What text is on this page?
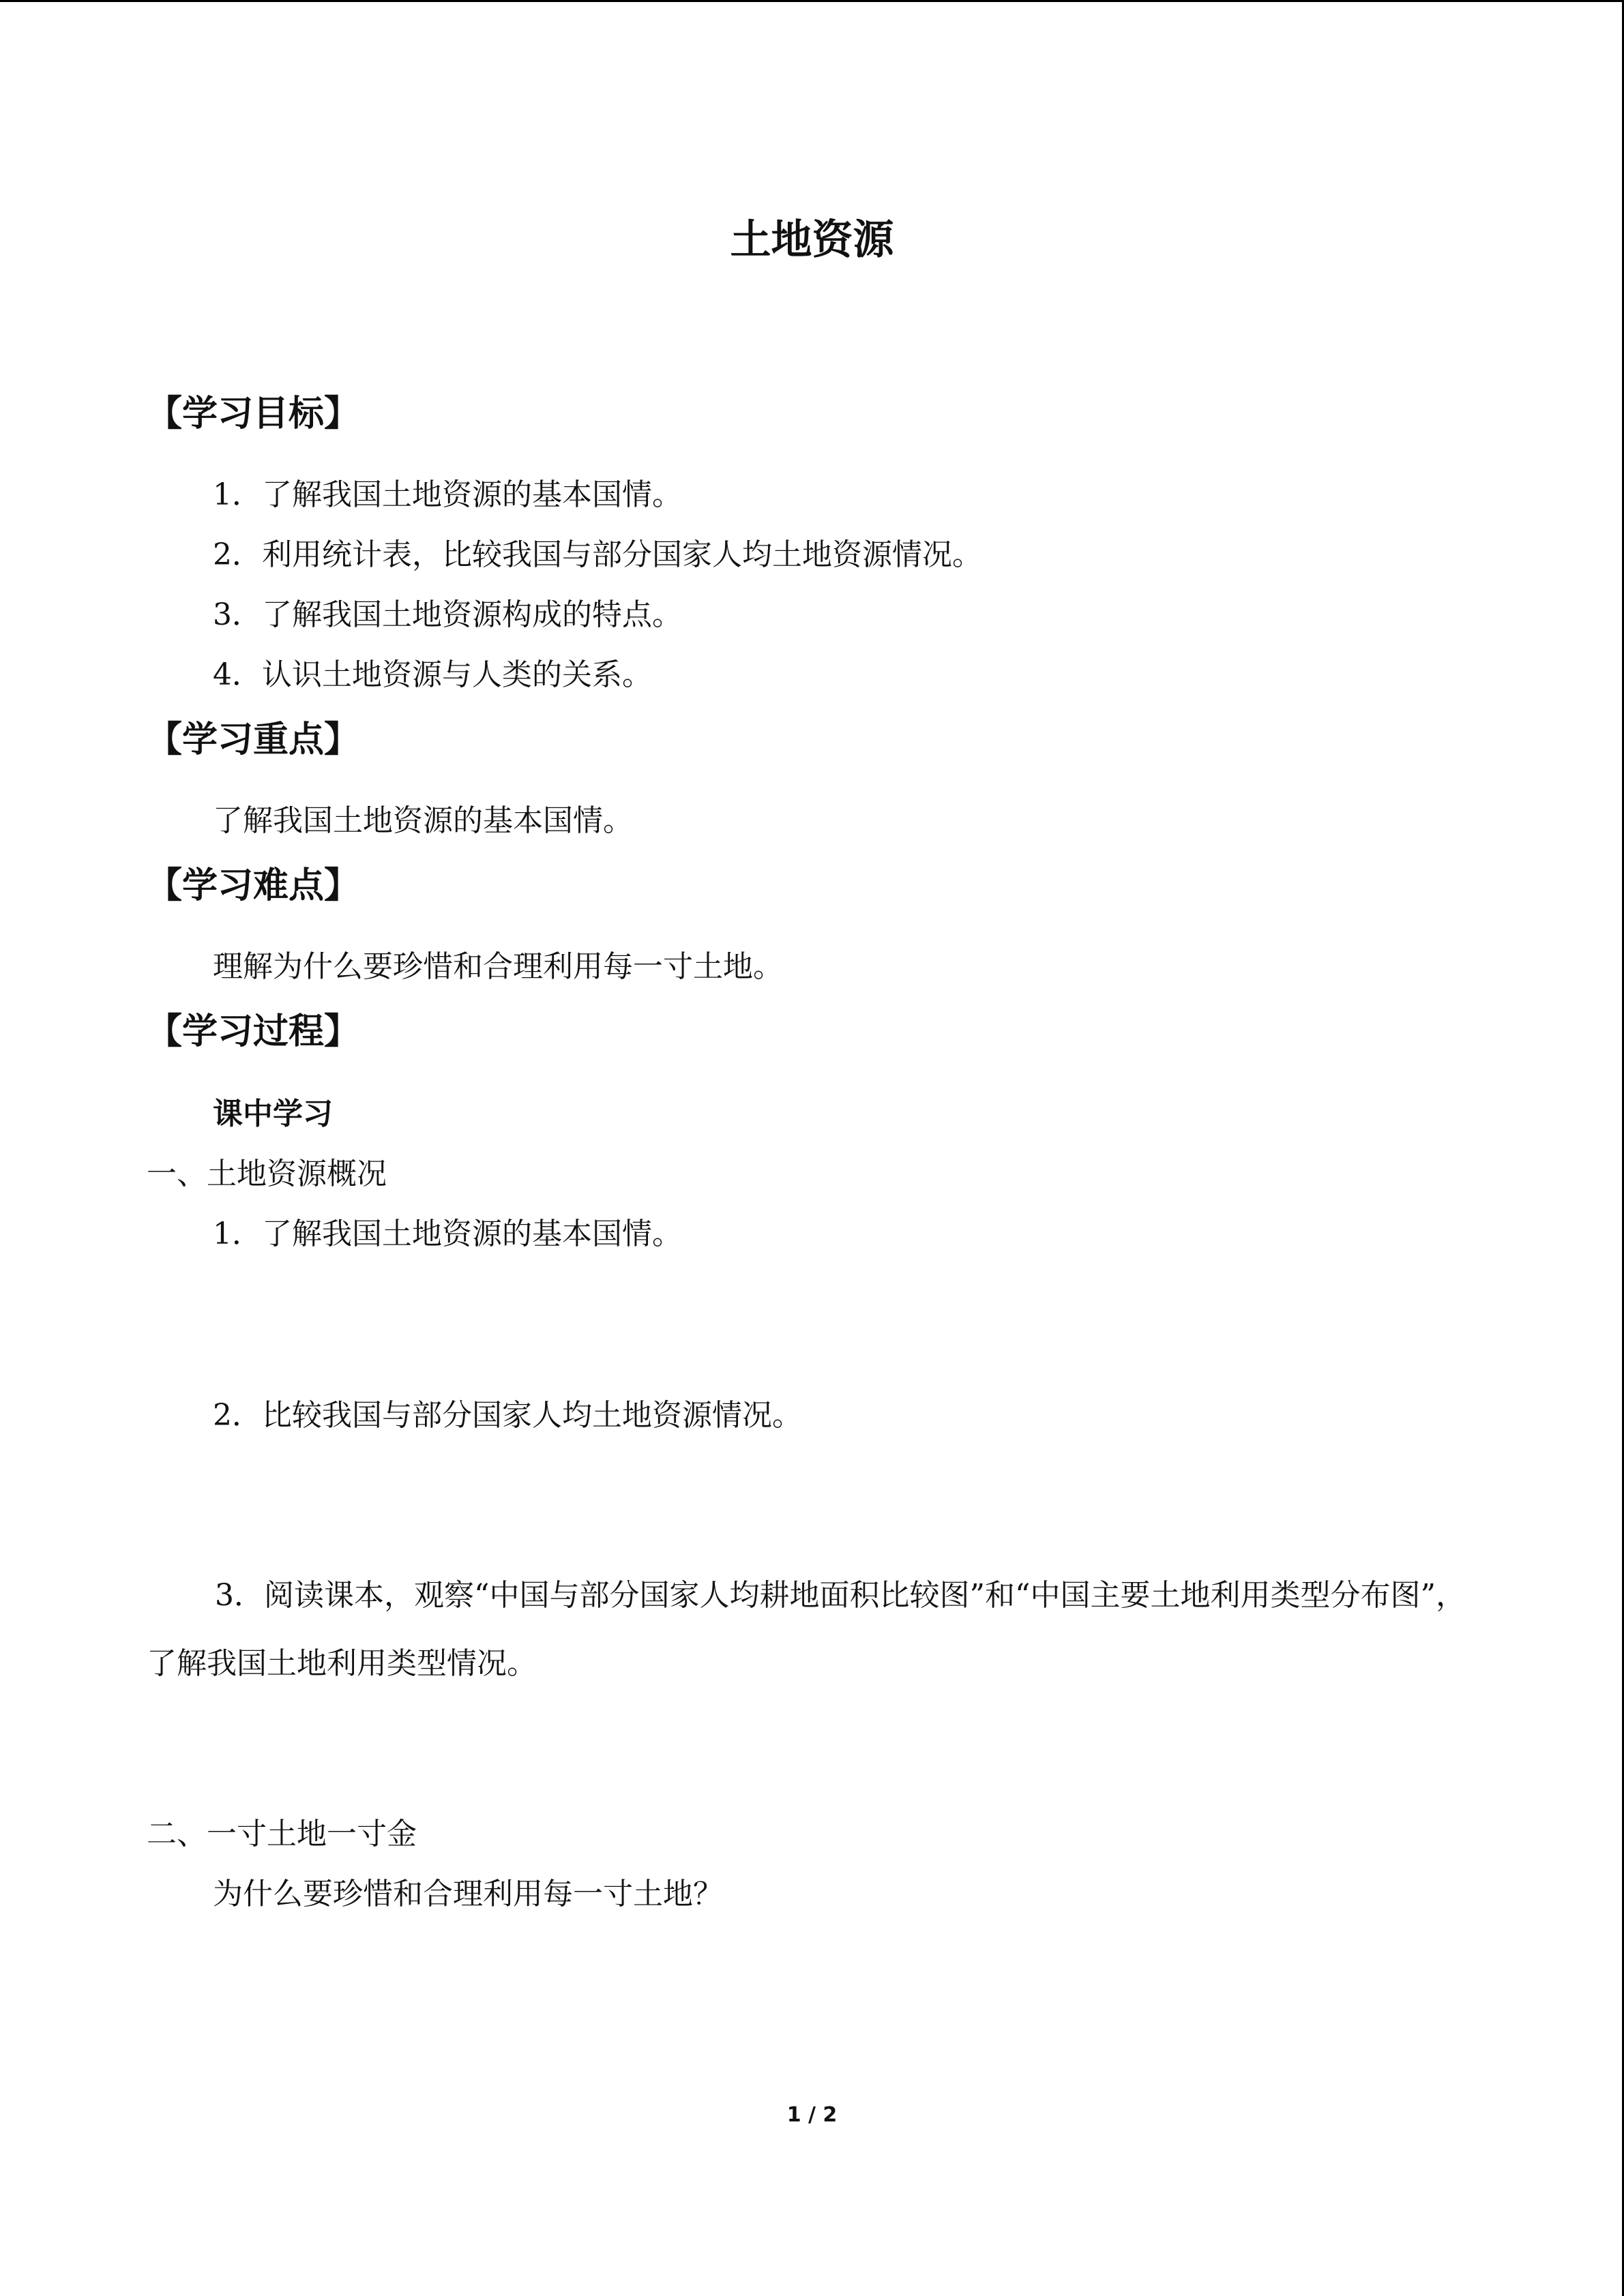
土地资源
【学习目标】
1．了解我国土地资源的基本国情。
2．利用统计表，比较我国与部分国家人均土地资源情况。
3．了解我国土地资源构成的特点。
4．认识土地资源与人类的关系。
【学习重点】
了解我国土地资源的基本国情。
【学习难点】
理解为什么要珍惜和合理利用每一寸土地。
【学习过程】
课中学习
一、土地资源概况
1．了解我国土地资源的基本国情。
2．比较我国与部分国家人均土地资源情况。
3．阅读课本，观察“中国与部分国家人均耕地面积比较图”和“中国主要土地利用类型分布图”，了解我国土地利用类型情况。
二、一寸土地一寸金
为什么要珍惜和合理利用每一寸土地？
1 / 2
